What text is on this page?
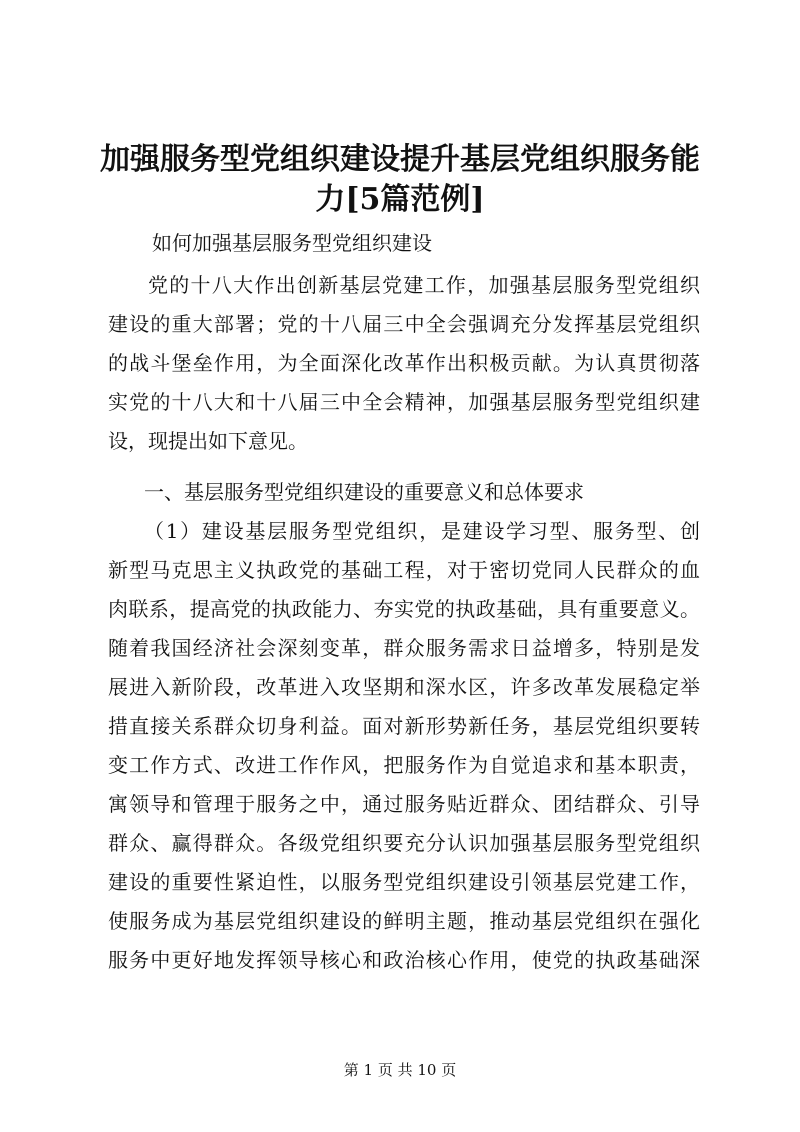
加强服务型党组织建设提升基层党组织服务能
力[5篇范例]

如何加强基层服务型党组织建设

党的十八大作出创新基层党建工作，加强基层服务型党组织
建设的重大部署；党的十八届三中全会强调充分发挥基层党组织
的战斗堡垒作用，为全面深化改革作出积极贡献。为认真贯彻落
实党的十八大和十八届三中全会精神，加强基层服务型党组织建
设，现提出如下意见。
一、基层服务型党组织建设的重要意义和总体要求
（1）建设基层服务型党组织，是建设学习型、服务型、创
新型马克思主义执政党的基础工程，对于密切党同人民群众的血
肉联系，提高党的执政能力、夯实党的执政基础，具有重要意义。
随着我国经济社会深刻变革，群众服务需求日益增多，特别是发
展进入新阶段，改革进入攻坚期和深水区，许多改革发展稳定举
措直接关系群众切身利益。面对新形势新任务，基层党组织要转
变工作方式、改进工作作风，把服务作为自觉追求和基本职责，
寓领导和管理于服务之中，通过服务贴近群众、团结群众、引导
群众、赢得群众。各级党组织要充分认识加强基层服务型党组织
建设的重要性紧迫性，以服务型党组织建设引领基层党建工作，
使服务成为基层党组织建设的鲜明主题，推动基层党组织在强化
服务中更好地发挥领导核心和政治核心作用，使党的执政基础深
第 1 页 共 10 页
